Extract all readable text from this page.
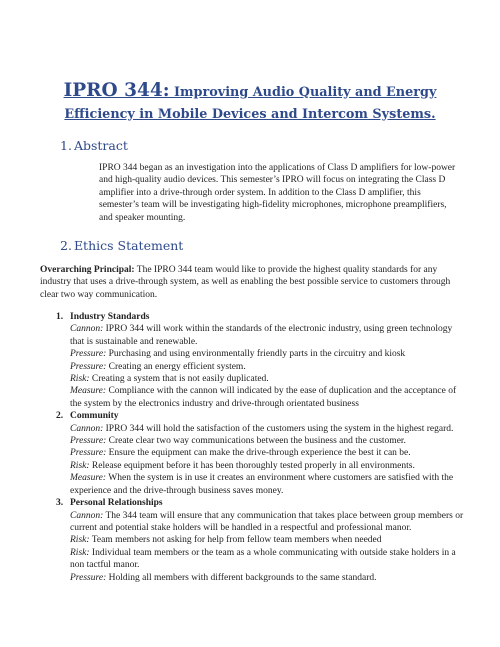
IPRO 344: Improving Audio Quality and Energy Efficiency in Mobile Devices and Intercom Systems.
1. Abstract
IPRO 344 began as an investigation into the applications of Class D amplifiers for low-power and high-quality audio devices. This semester’s IPRO will focus on integrating the Class D amplifier into a drive-through order system. In addition to the Class D amplifier, this semester’s team will be investigating high-fidelity microphones, microphone preamplifiers, and speaker mounting.
2. Ethics Statement
Overarching Principal: The IPRO 344 team would like to provide the highest quality standards for any industry that uses a drive-through system, as well as enabling the best possible service to customers through clear two way communication.
1. Industry Standards
Cannon: IPRO 344 will work within the standards of the electronic industry, using green technology that is sustainable and renewable.
Pressure: Purchasing and using environmentally friendly parts in the circuitry and kiosk
Pressure: Creating an energy efficient system.
Risk: Creating a system that is not easily duplicated.
Measure: Compliance with the cannon will indicated by the ease of duplication and the acceptance of the system by the electronics industry and drive-through orientated business
2. Community
Cannon: IPRO 344 will hold the satisfaction of the customers using the system in the highest regard.
Pressure: Create clear two way communications between the business and the customer.
Pressure: Ensure the equipment can make the drive-through experience the best it can be.
Risk: Release equipment before it has been thoroughly tested properly in all environments.
Measure: When the system is in use it creates an environment where customers are satisfied with the experience and the drive-through business saves money.
3. Personal Relationships
Cannon: The 344 team will ensure that any communication that takes place between group members or current and potential stake holders will be handled in a respectful and professional manor.
Risk: Team members not asking for help from fellow team members when needed
Risk: Individual team members or the team as a whole communicating with outside stake holders in a non tactful manor.
Pressure: Holding all members with different backgrounds to the same standard.
